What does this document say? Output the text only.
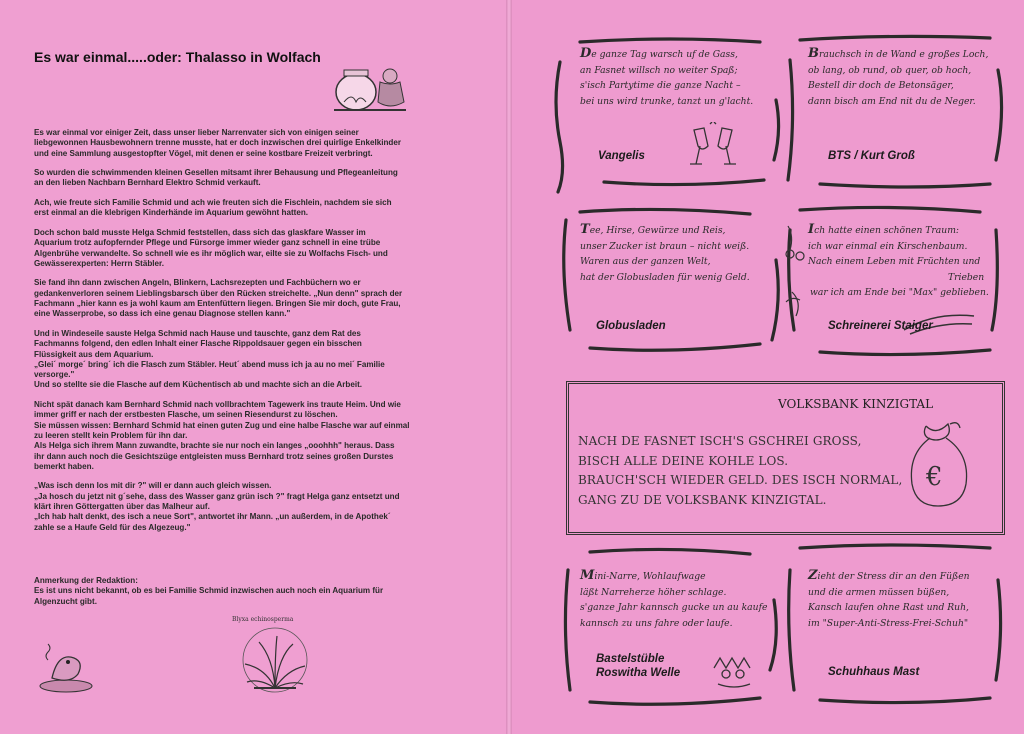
Es war einmal.....oder: Thalasso in Wolfach

Es war einmal vor einiger Zeit, dass unser lieber Narrenvater sich von einigen seiner
liebgewonnen Hausbewohnern trenne musste, hat er doch inzwischen drei quirlige Enkelkinder
und eine Sammlung ausgestopfter Vögel, mit denen er seine kostbare Freizeit verbringt.

So wurden die schwimmenden kleinen Gesellen mitsamt ihrer Behausung und Pflegeanleitung
an den lieben Nachbarn Bernhard Elektro Schmid verkauft.

Ach, wie freute sich Familie Schmid und ach wie freuten sich die Fischlein, nachdem sie sich
erst einmal an die klebrigen Kinderhände im Aquarium gewöhnt hatten.

Doch schon bald musste Helga Schmid feststellen, dass sich das glaskfare Wasser im
Aquarium trotz aufopfernder Pflege und Fürsorge immer wieder ganz schnell in eine trübe
Algenbrühe verwandelte. So schnell wie es ihr möglich war, eilte sie zu Wolfachs Fisch- und
Gewässerexperten: Herrn Stäbler.

Sie fand ihn dann zwischen Angeln, Blinkern, Lachsrezepten und Fachbüchern wo er
gedankenverloren seinem Lieblingsbarsch über den Rücken streichelte. „Nun denn" sprach der
Fachmann „hier kann es ja wohl kaum am Entenfüttern liegen. Bringen Sie mir doch, gute Frau,
eine Wasserprobe, so dass ich eine genau Diagnose stellen kann."

Und in Windeseile sauste Helga Schmid nach Hause und tauschte, ganz dem Rat des
Fachmanns folgend, den edlen Inhalt einer Flasche Rippoldsauer gegen ein bisschen
Flüssigkeit aus dem Aquarium.
„Glei´ morge´ bring´ ich die Flasch zum Stäbler. Heut´ abend muss ich ja au no mei´ Familie
versorge."
Und so stellte sie die Flasche auf dem Küchentisch ab und machte sich an die Arbeit.

Nicht spät danach kam Bernhard Schmid nach vollbrachtem Tagewerk ins traute Heim. Und wie
immer griff er nach der erstbesten Flasche, um seinen Riesendurst zu löschen.
Sie müssen wissen: Bernhard Schmid hat einen guten Zug und eine halbe Flasche war auf einmal
zu leeren stellt kein Problem für ihn dar.
Als Helga sich ihrem Mann zuwandte, brachte sie nur noch ein langes „ooohhh" heraus. Dass
ihr dann auch noch die Gesichtszüge entgleisten muss Bernhard trotz seines großen Durstes
bemerkt haben.

„Was isch denn los mit dir ?" will er dann auch gleich wissen.
„Ja hosch du jetzt nit g´sehe, dass des Wasser ganz grün isch ?" fragt Helga ganz entsetzt und
klärt ihren Göttergatten über das Malheur auf.
„Ich hab halt denkt, des isch a neue Sort", antwortet ihr Mann. „un außerdem, in de Apothek´
zahle se a Haufe Geld für des Algezeug."

Anmerkung der Redaktion:
Es ist uns nicht bekannt, ob es bei Familie Schmid inzwischen auch noch ein Aquarium für
Algenzucht gibt.
Blyxa echinosperma
De ganze Tag warsch uf de Gass,
an Fasnet willsch no weiter Spaß;
s'isch Partytime die ganze Nacht –
bei uns wird trunke, tanzt un g'lacht.
Vangelis
Brauchsch in de Wand e großes Loch,
ob lang, ob rund, ob quer, ob hoch,
Bestell dir doch de Betonsäger,
dann bisch am End nit du de Neger.
BTS / Kurt Groß
Tee, Hirse, Gewürze und Reis,
unser Zucker ist braun – nicht weiß.
Waren aus der ganzen Welt,
hat der Globusladen für wenig Geld.
Globusladen
Ich hatte einen schönen Traum:
ich war einmal ein Kirschenbaum.
Nach einem Leben mit Früchten und
Trieben
war ich am Ende bei "Max" geblieben.
Schreinerei Staiger
VOLKSBANK KINZIGTAL
NACH DE FASNET ISCH'S GSCHREI GROSS,
BISCH ALLE DEINE KOHLE LOS.
BRAUCH'SCH WIEDER GELD. DES ISCH NORMAL,
GANG ZU DE VOLKSBANK KINZIGTAL.
€
Mini-Narre, Wohlaufwage
läßt Narreherze höher schlage.
s'ganze Jahr kannsch gucke un au kaufe
kannsch zu uns fahre oder laufe.
Bastelstüble
Roswitha Welle
Zieht der Stress dir an den Füßen
und die armen müssen büßen,
Kansch laufen ohne Rast und Ruh,
im "Super-Anti-Stress-Frei-Schuh"
Schuhhaus Mast
